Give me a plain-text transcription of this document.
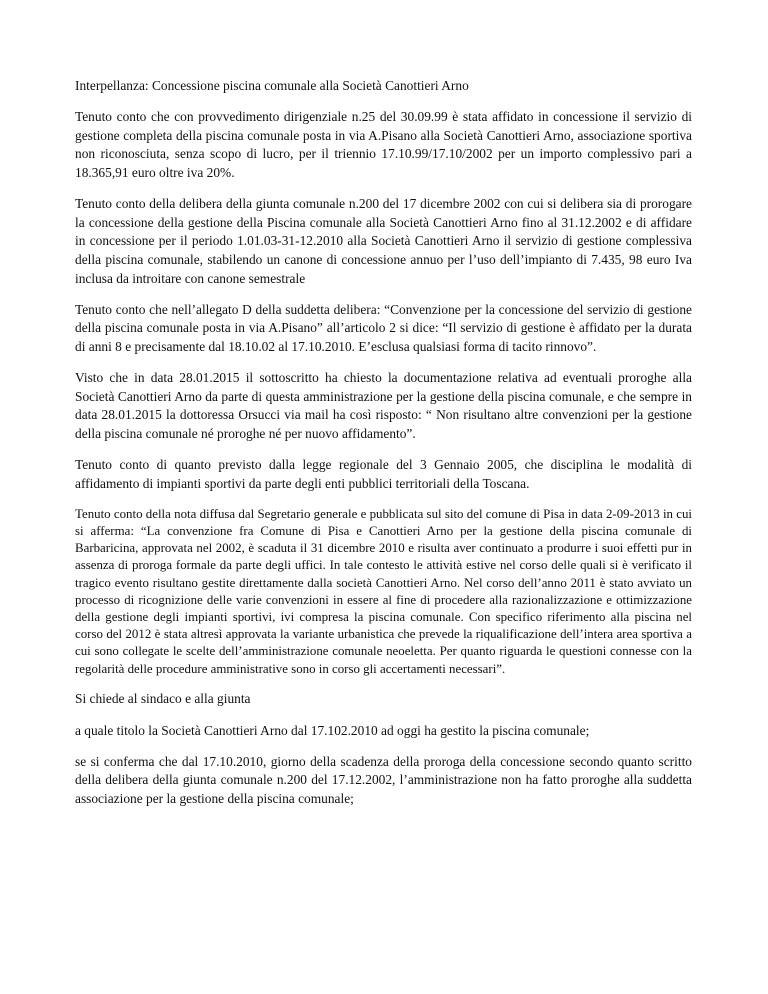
Interpellanza: Concessione piscina comunale alla Società Canottieri Arno

Tenuto conto che con provvedimento dirigenziale n.25 del 30.09.99 è stata affidato in concessione il servizio di gestione completa della piscina comunale posta in via A.Pisano alla Società Canottieri Arno, associazione sportiva non riconosciuta, senza scopo di lucro, per il triennio 17.10.99/17.10/2002 per un importo complessivo pari a 18.365,91 euro oltre iva 20%.

Tenuto conto della delibera della giunta comunale n.200 del 17 dicembre 2002 con cui si delibera sia di prorogare la concessione della gestione della Piscina comunale alla Società Canottieri Arno fino al 31.12.2002 e di affidare in concessione per il periodo 1.01.03-31-12.2010 alla Società Canottieri Arno il servizio di gestione complessiva della piscina comunale, stabilendo un canone di concessione annuo per l’uso dell’impianto di 7.435, 98 euro Iva inclusa da introitare con canone semestrale

Tenuto conto che nell’allegato D della suddetta delibera: “Convenzione per la concessione del servizio di gestione della piscina comunale posta in via A.Pisano” all’articolo 2 si dice: “Il servizio di gestione è affidato per la durata di anni 8 e precisamente dal 18.10.02 al 17.10.2010. E’esclusa qualsiasi forma di tacito rinnovo”.

Visto che in data 28.01.2015 il sottoscritto ha chiesto la documentazione relativa ad eventuali proroghe alla Società Canottieri Arno da parte di questa amministrazione per la gestione della piscina comunale, e che sempre in data 28.01.2015 la dottoressa Orsucci via mail ha così risposto: “ Non risultano altre convenzioni per la gestione della piscina comunale né proroghe né per nuovo affidamento”.

Tenuto conto di quanto previsto dalla legge regionale del 3 Gennaio 2005, che disciplina le modalità di affidamento di impianti sportivi da parte degli enti pubblici territoriali della Toscana.

Tenuto conto della nota diffusa dal Segretario generale e pubblicata sul sito del comune di Pisa in data 2-09-2013 in cui si afferma: “La convenzione fra Comune di Pisa e Canottieri Arno per la gestione della piscina comunale di Barbaricina, approvata nel 2002, è scaduta il 31 dicembre 2010 e risulta aver continuato a produrre i suoi effetti pur in assenza di proroga formale da parte degli uffici. In tale contesto le attività estive nel corso delle quali si è verificato il tragico evento risultano gestite direttamente dalla società Canottieri Arno. Nel corso dell’anno 2011 è stato avviato un processo di ricognizione delle varie convenzioni in essere al fine di procedere alla razionalizzazione e ottimizzazione della gestione degli impianti sportivi, ivi compresa la piscina comunale. Con specifico riferimento alla piscina nel corso del 2012 è stata altresì approvata la variante urbanistica che prevede la riqualificazione dell’intera area sportiva a cui sono collegate le scelte dell’amministrazione comunale neoeletta. Per quanto riguarda le questioni connesse con la regolarità delle procedure amministrative sono in corso gli accertamenti necessari”.

Si chiede al sindaco e alla giunta

a quale titolo la Società Canottieri Arno dal 17.102.2010 ad oggi ha gestito la piscina comunale;

se si conferma che dal 17.10.2010, giorno della scadenza della proroga della concessione secondo quanto scritto della delibera della giunta comunale n.200 del 17.12.2002, l’amministrazione non ha fatto proroghe alla suddetta associazione per la gestione della piscina comunale;
